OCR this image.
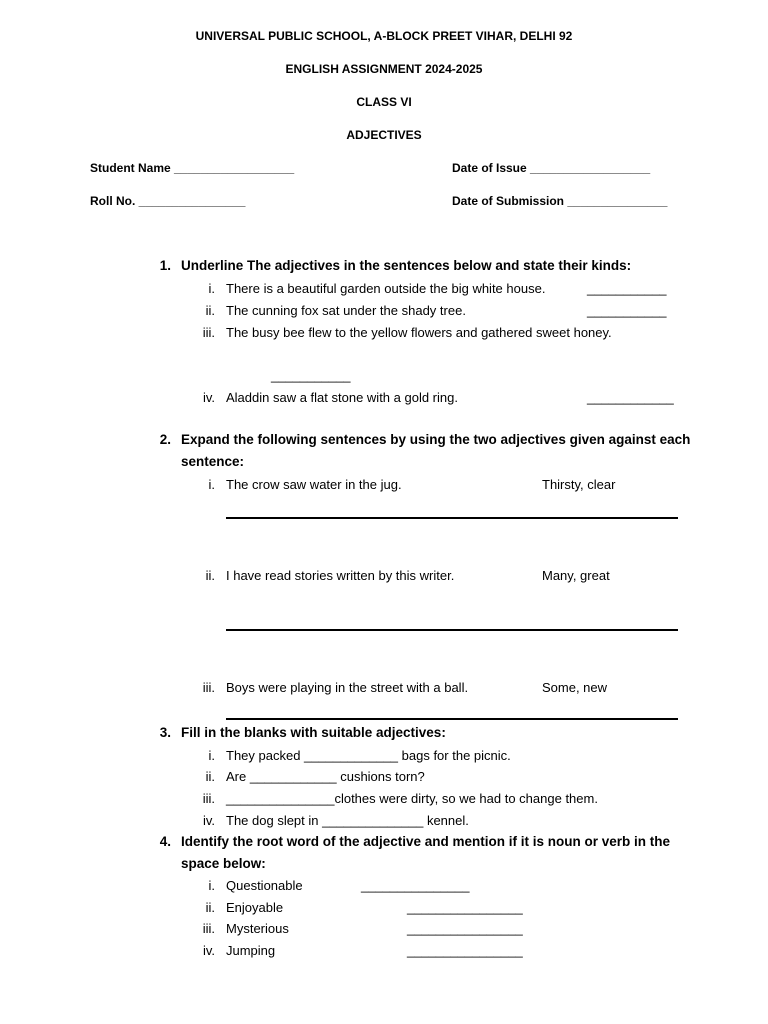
UNIVERSAL PUBLIC SCHOOL, A-BLOCK PREET VIHAR, DELHI 92
ENGLISH ASSIGNMENT 2024-2025
CLASS VI
ADJECTIVES
Student Name __________________	Date of Issue __________________
Roll No. ________________	Date of Submission _______________
1. Underline The adjectives in the sentences below and state their kinds:
i. There is a beautiful garden outside the big white house.	___________
ii. The cunning fox sat under the shady tree.	___________
iii. The busy bee flew to the yellow flowers and gathered sweet honey.
___________
iv. Aladdin saw a flat stone with a gold ring.	____________
2. Expand the following sentences by using the two adjectives given against each
sentence:
i. The crow saw water in the jug.	Thirsty, clear
ii. I have read stories written by this writer.	Many, great
iii. Boys were playing in the street with a ball.	Some, new
3. Fill in the blanks with suitable adjectives:
i. They packed _____________ bags for the picnic.
ii. Are ____________ cushions torn?
iii. _______________clothes were dirty, so we had to change them.
iv. The dog slept in ______________ kennel.
4. Identify the root word of the adjective and mention if it is noun or verb in the
space below:
i. Questionable	_______________
ii. Enjoyable	________________
iii. Mysterious	________________
iv. Jumping	________________
